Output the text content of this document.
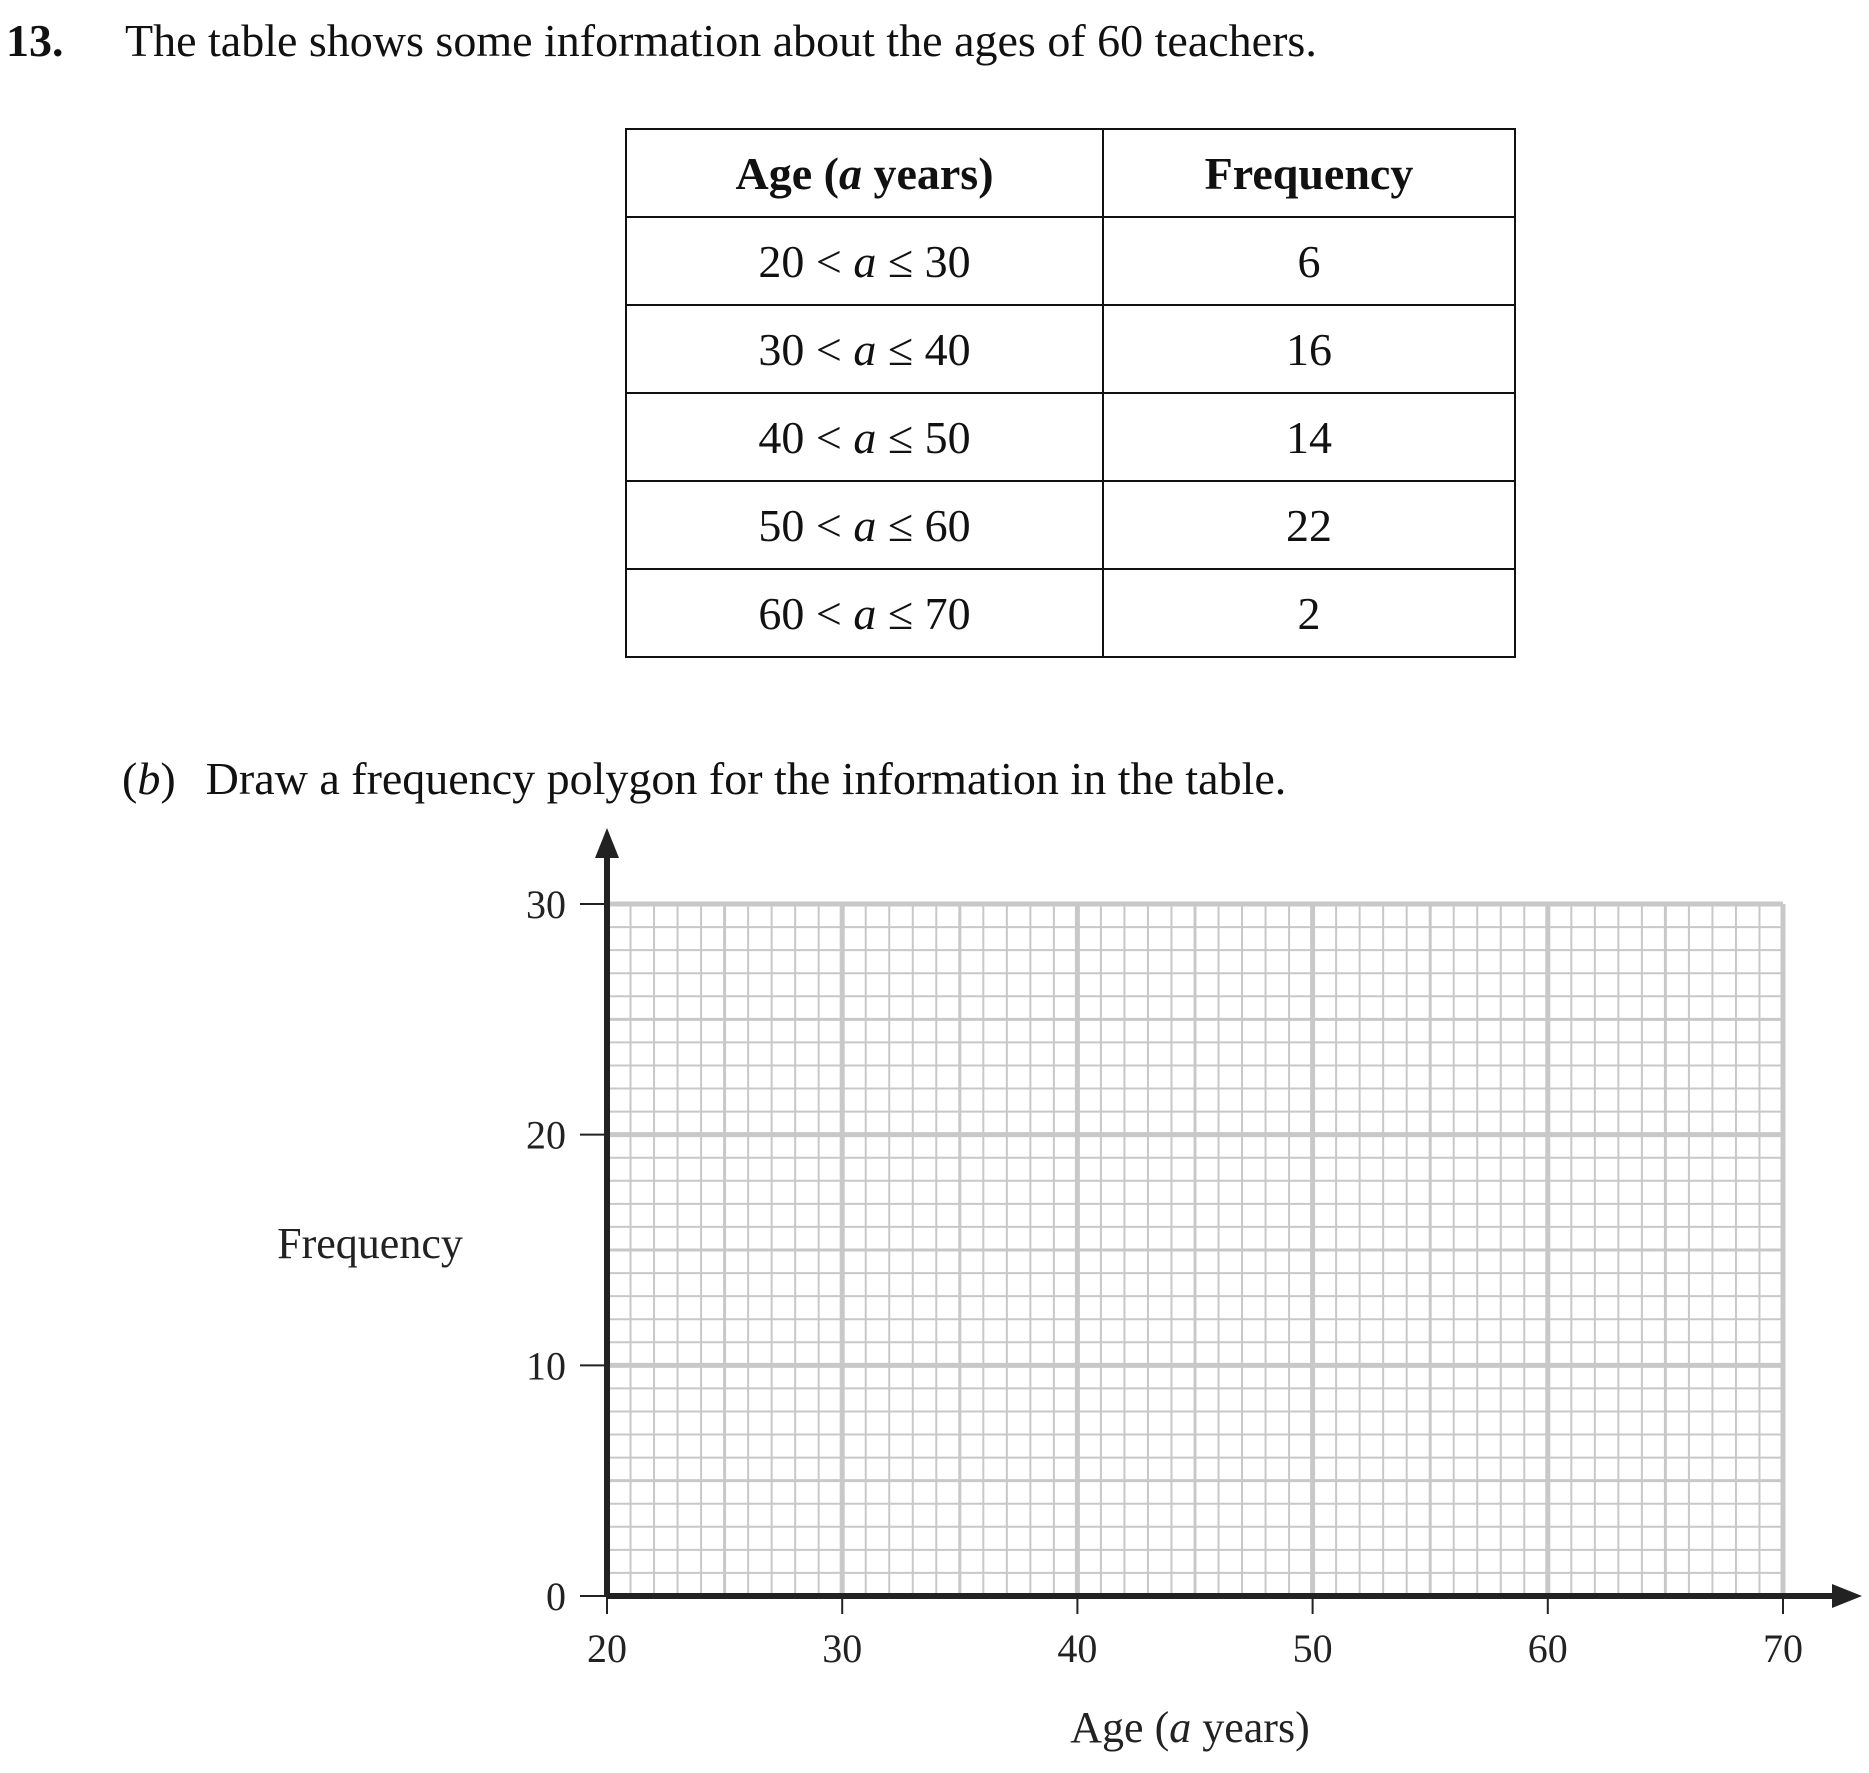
13. The table shows some information about the ages of 60 teachers.
Age (a years)	Frequency
20 < a ≤ 30	6
30 < a ≤ 40	16
40 < a ≤ 50	14
50 < a ≤ 60	22
60 < a ≤ 70	2
(b) Draw a frequency polygon for the information in the table.
0
10
20
30
20	30	40	50	60	70
Frequency
Age (a years)
